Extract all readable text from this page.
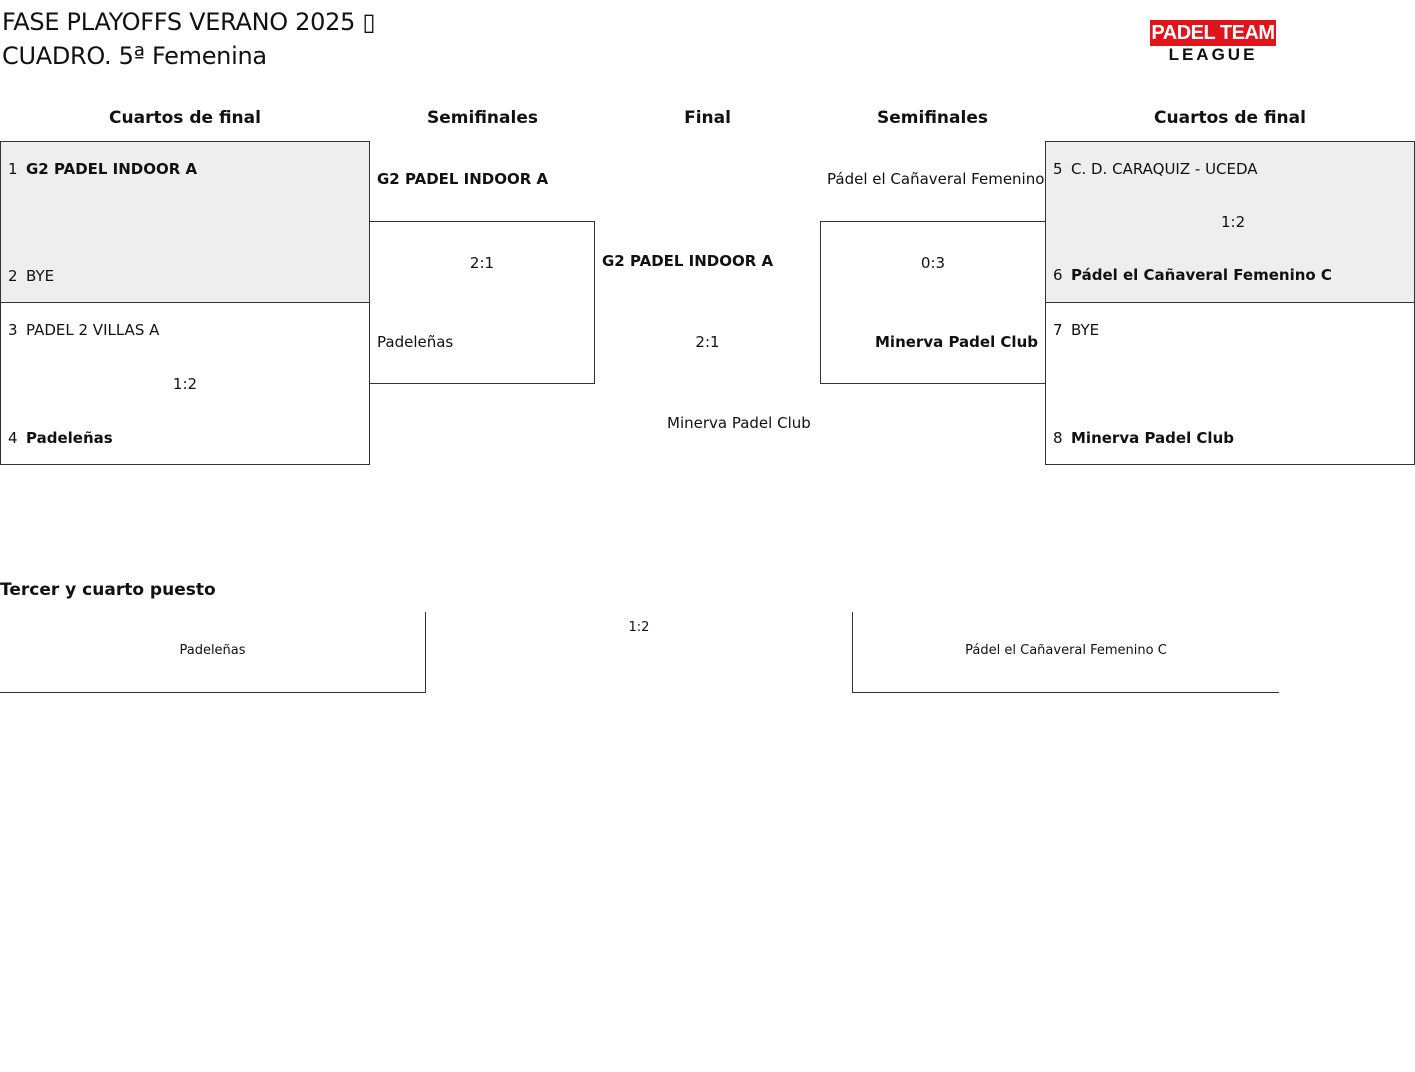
FASE PLAYOFFS VERANO 2025 ▯
CUADRO. 5ª Femenina
PADEL TEAM
LEAGUE
Cuartos de final	Semifinales	Final	Semifinales	Cuartos de final
1 G2 PADEL INDOOR A
2 BYE
3 PADEL 2 VILLAS A
1:2
4 Padeleñas
G2 PADEL INDOOR A
2:1
Padeleñas
G2 PADEL INDOOR A
2:1
Minerva Padel Club
Pádel el Cañaveral Femenino
0:3
Minerva Padel Club
5 C. D. CARAQUIZ - UCEDA
1:2
6 Pádel el Cañaveral Femenino C
7 BYE
8 Minerva Padel Club
Tercer y cuarto puesto
Padeleñas
1:2
Pádel el Cañaveral Femenino C
